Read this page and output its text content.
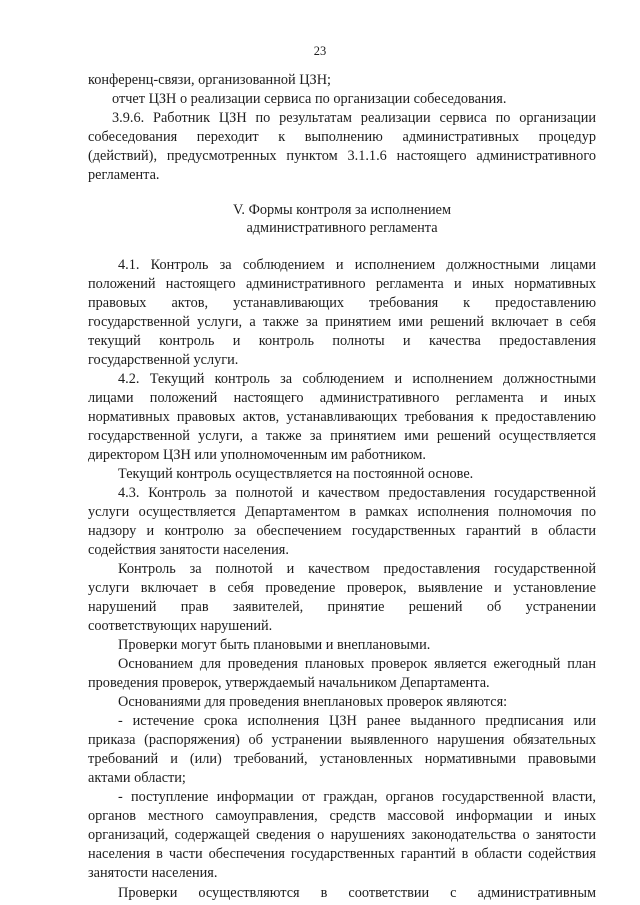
23
конференц-связи, организованной ЦЗН;
отчет ЦЗН о реализации сервиса по организации собеседования.
3.9.6. Работник ЦЗН по результатам реализации сервиса по организации
собеседования переходит к выполнению административных процедур
(действий), предусмотренных пунктом 3.1.1.6 настоящего административного
регламента.
V. Формы контроля за исполнением
административного регламента
4.1. Контроль за соблюдением и исполнением должностными лицами
положений настоящего административного регламента и иных нормативных
правовых актов, устанавливающих требования к предоставлению
государственной услуги, а также за принятием ими решений включает в себя
текущий контроль и контроль полноты и качества предоставления
государственной услуги.
4.2. Текущий контроль за соблюдением и исполнением должностными
лицами положений настоящего административного регламента и иных
нормативных правовых актов, устанавливающих требования к предоставлению
государственной услуги, а также за принятием ими решений осуществляется
директором ЦЗН или уполномоченным им работником.
Текущий контроль осуществляется на постоянной основе.
4.3. Контроль за полнотой и качеством предоставления государственной
услуги осуществляется Департаментом в рамках исполнения полномочия по
надзору и контролю за обеспечением государственных гарантий в области
содействия занятости населения.
Контроль за полнотой и качеством предоставления государственной
услуги включает в себя проведение проверок, выявление и установление
нарушений прав заявителей, принятие решений об устранении
соответствующих нарушений.
Проверки могут быть плановыми и внеплановыми.
Основанием для проведения плановых проверок является ежегодный план
проведения проверок, утверждаемый начальником Департамента.
Основаниями для проведения внеплановых проверок являются:
- истечение срока исполнения ЦЗН ранее выданного предписания или
приказа (распоряжения) об устранении выявленного нарушения обязательных
требований и (или) требований, установленных нормативными правовыми
актами области;
- поступление информации от граждан, органов государственной власти,
органов местного самоуправления, средств массовой информации и иных
организаций, содержащей сведения о нарушениях законодательства о занятости
населения в части обеспечения государственных гарантий в области содействия
занятости населения.
Проверки осуществляются в соответствии с административным
